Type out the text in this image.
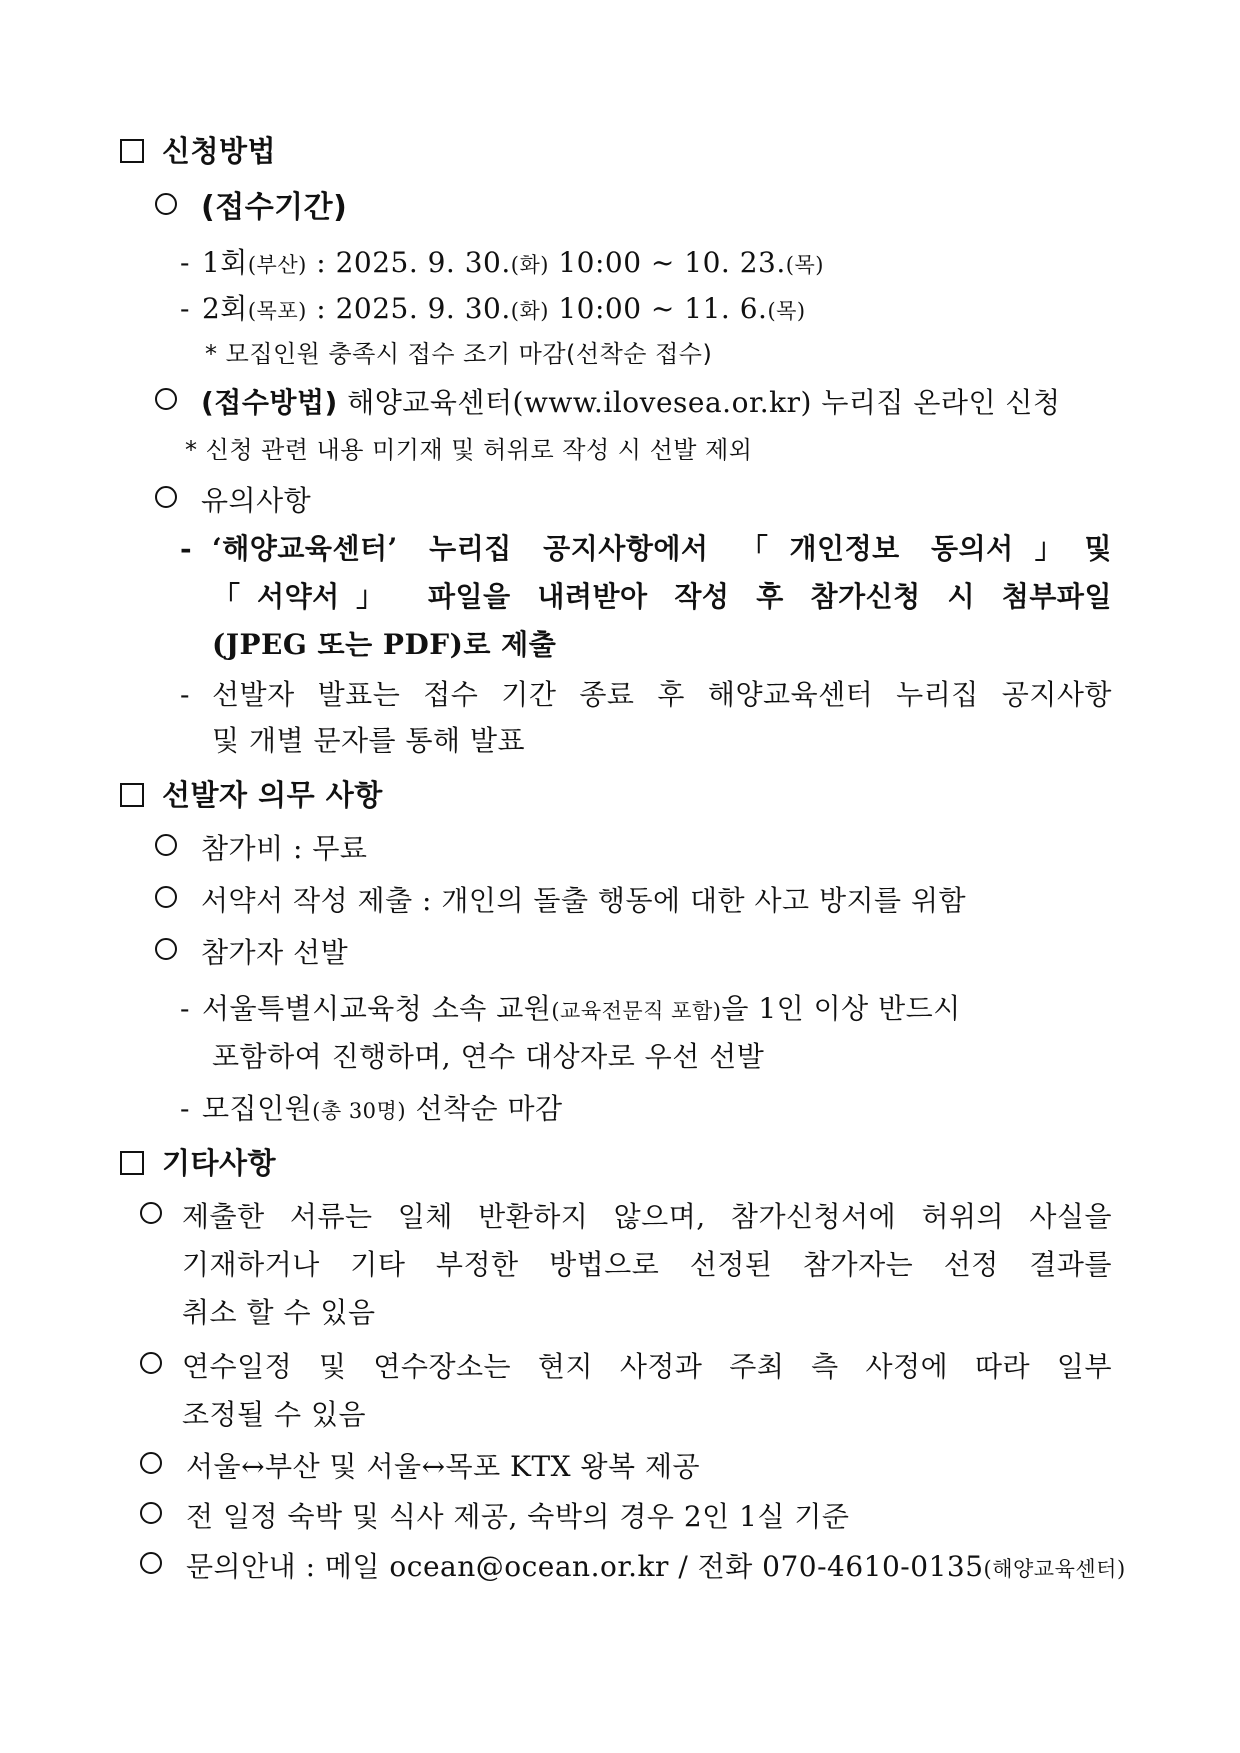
신청방법
(접수기간)
- 1회(부산) : 2025. 9. 30.(화) 10:00 ~ 10. 23.(목)
- 2회(목포) : 2025. 9. 30.(화) 10:00 ~ 11. 6.(목)
* 모집인원 충족시 접수 조기 마감(선착순 접수)
(접수방법) 해양교육센터(www.ilovesea.or.kr) 누리집 온라인 신청
* 신청 관련 내용 미기재 및 허위로 작성 시 선발 제외
유의사항
- ‘해양교육센터’ 누리집 공지사항에서 「개인정보 동의서」및
「서약서」 파일을 내려받아 작성 후 참가신청 시 첨부파일
(JPEG 또는 PDF)로 제출
- 선발자 발표는 접수 기간 종료 후 해양교육센터 누리집 공지사항
및 개별 문자를 통해 발표
선발자 의무 사항
참가비 : 무료
서약서 작성 제출 : 개인의 돌출 행동에 대한 사고 방지를 위함
참가자 선발
- 서울특별시교육청 소속 교원(교육전문직 포함)을 1인 이상 반드시
포함하여 진행하며, 연수 대상자로 우선 선발
- 모집인원(총 30명) 선착순 마감
기타사항
제출한 서류는 일체 반환하지 않으며, 참가신청서에 허위의 사실을
기재하거나 기타 부정한 방법으로 선정된 참가자는 선정 결과를
취소 할 수 있음
연수일정 및 연수장소는 현지 사정과 주최 측 사정에 따라 일부
조정될 수 있음
서울↔부산 및 서울↔목포 KTX 왕복 제공
전 일정 숙박 및 식사 제공, 숙박의 경우 2인 1실 기준
문의안내 : 메일 ocean@ocean.or.kr / 전화 070-4610-0135(해양교육센터)
